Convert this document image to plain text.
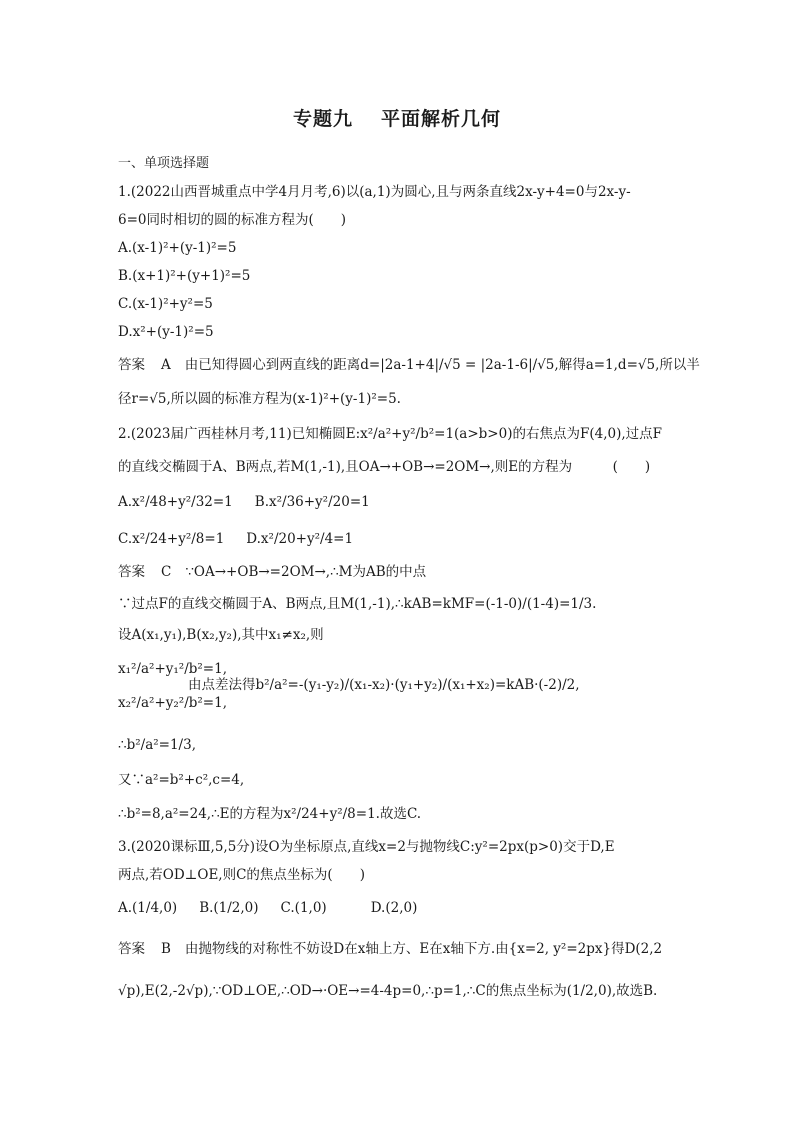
专题九 平面解析几何
一、单项选择题
1.(2022山西晋城重点中学4月月考,6)以(a,1)为圆心,且与两条直线2x-y+4=0与2x-y-
6=0同时相切的圆的标准方程为(　　)
A.(x-1)²+(y-1)²=5
B.(x+1)²+(y+1)²=5
C.(x-1)²+y²=5
D.x²+(y-1)²=5
答案 A 由已知得圆心到两直线的距离d=|2a-1+4|/√5 = |2a-1-6|/√5,解得a=1,d=√5,所以半
径r=√5,所以圆的标准方程为(x-1)²+(y-1)²=5.
2.(2023届广西桂林月考,11)已知椭圆E:x²/a²+y²/b²=1(a>b>0)的右焦点为F(4,0),过点F
的直线交椭圆于A、B两点,若M(1,-1),且OA→+OB→=2OM→,则E的方程为　　　(　　)
A.x²/48+y²/32=1 B.x²/36+y²/20=1
C.x²/24+y²/8=1 D.x²/20+y²/4=1
答案 C ∵OA→+OB→=2OM→,∴M为AB的中点
∵过点F的直线交椭圆于A、B两点,且M(1,-1),∴kAB=kMF=(-1-0)/(1-4)=1/3.
设A(x₁,y₁),B(x₂,y₂),其中x₁≠x₂,则
x₁²/a²+y₁²/b²=1,
由点差法得b²/a²=-(y₁-y₂)/(x₁-x₂)·(y₁+y₂)/(x₁+x₂)=kAB·(-2)/2,
x₂²/a²+y₂²/b²=1,
∴b²/a²=1/3,
又∵a²=b²+c²,c=4,
∴b²=8,a²=24,∴E的方程为x²/24+y²/8=1.故选C.
3.(2020课标Ⅲ,5,5分)设O为坐标原点,直线x=2与抛物线C:y²=2px(p>0)交于D,E
两点,若OD⊥OE,则C的焦点坐标为(　　)
A.(1/4,0) B.(1/2,0) C.(1,0)	D.(2,0)
答案 B 由抛物线的对称性不妨设D在x轴上方、E在x轴下方.由{x=2, y²=2px}得D(2,2
√p),E(2,-2√p),∵OD⊥OE,∴OD→·OE→=4-4p=0,∴p=1,∴C的焦点坐标为(1/2,0),故选B.
